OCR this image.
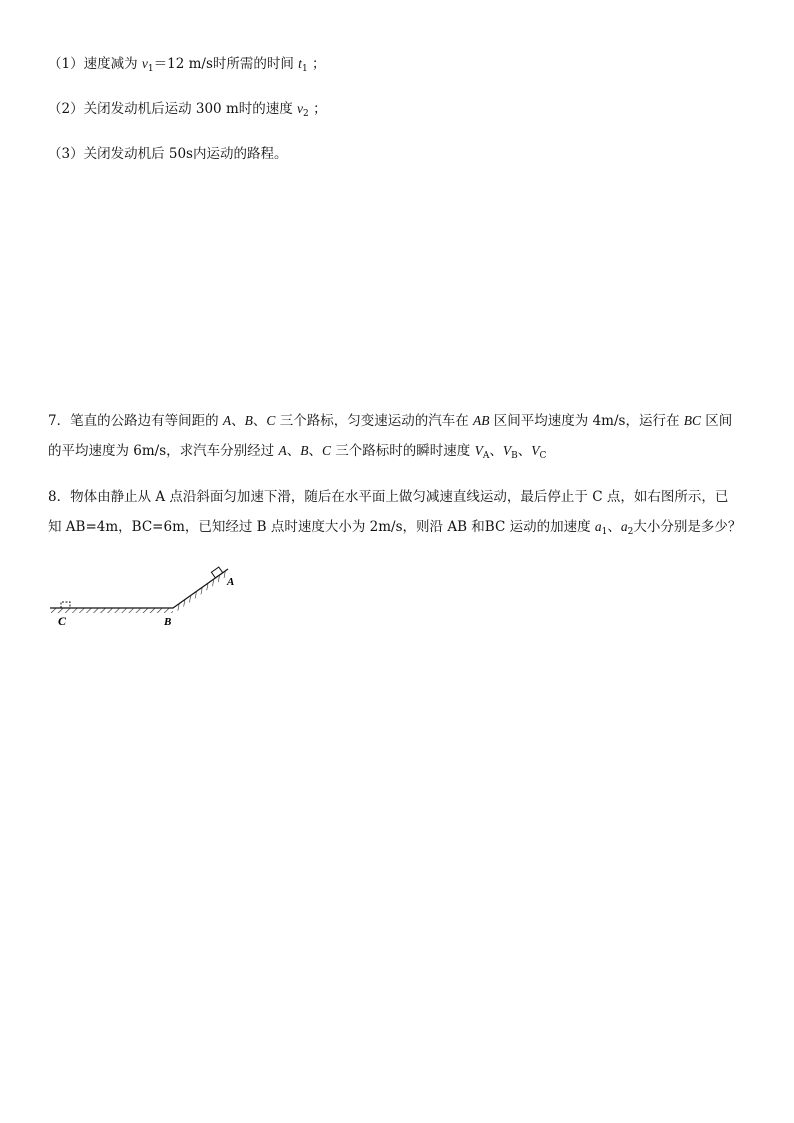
（1）速度减为 $v_1=12$ m/s时所需的时间 $t_1$ ；
（2）关闭发动机后运动 300 m时的速度 $v_2$ ；
（3）关闭发动机后 50s内运动的路程。
7．笔直的公路边有等间距的 A、B、C 三个路标，匀变速运动的汽车在 AB 区间平均速度为 4m/s，运行在 BC 区间
的平均速度为 6m/s，求汽车分别经过 A、B、C 三个路标时的瞬时速度 $V_A$、$V_B$、$V_C$
8．物体由静止从 A 点沿斜面匀加速下滑，随后在水平面上做匀减速直线运动，最后停止于 C 点，如右图所示，已
知 AB=4m，BC=6m，已知经过 B 点时速度大小为 2m/s，则沿 AB 和BC 运动的加速度 $a_1$、$a_2$大小分别是多少？
A
B
C
